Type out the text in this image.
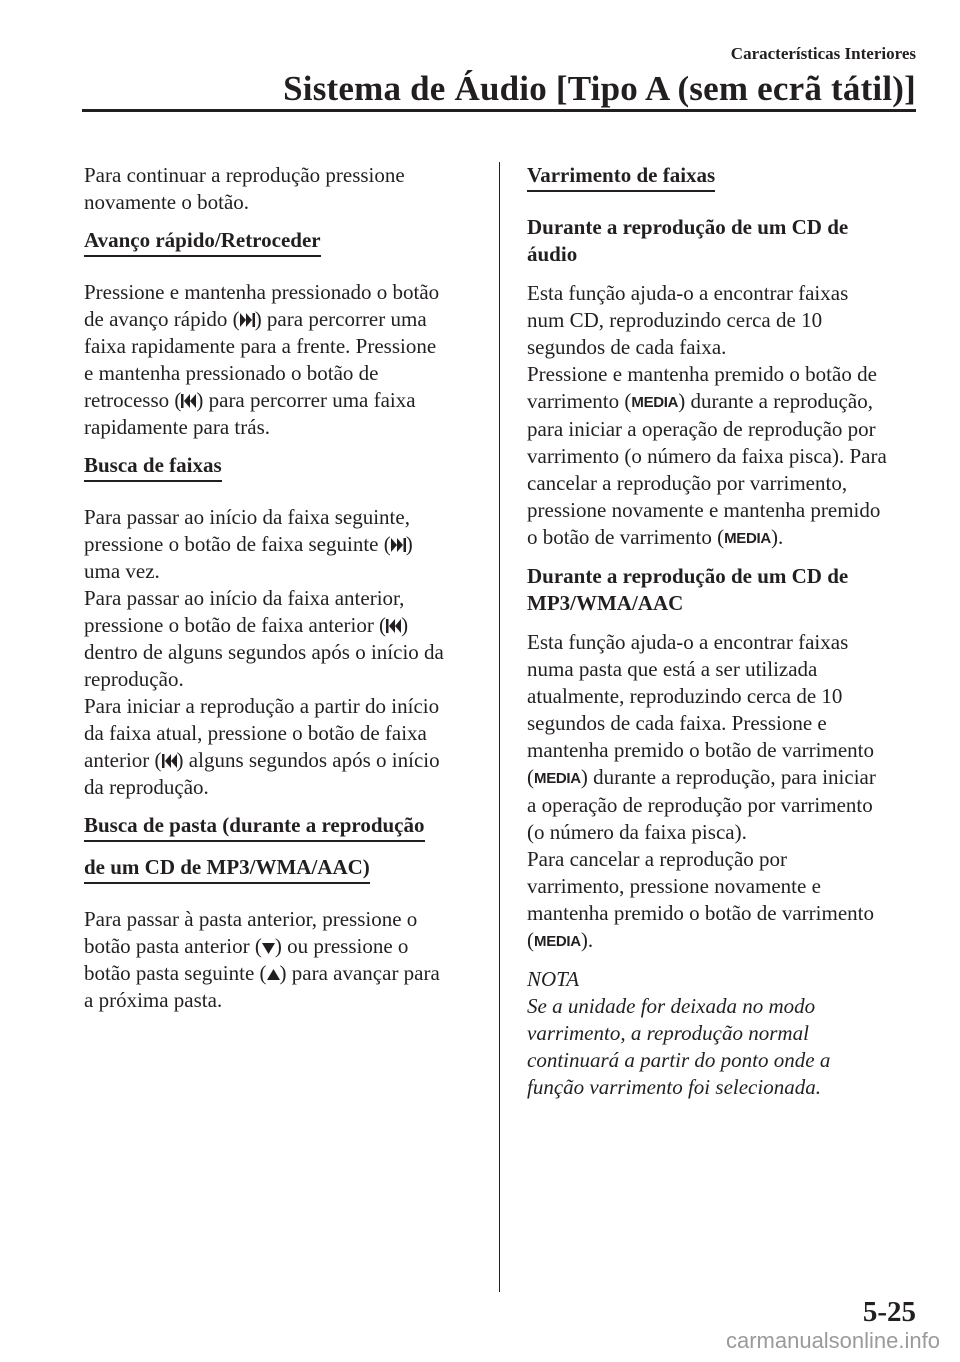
Características Interiores
Sistema de Áudio [Tipo A (sem ecrã tátil)]

Para continuar a reprodução pressione
novamente o botão.

Avanço rápido/Retroceder

Pressione e mantenha pressionado o botão
de avanço rápido ( ) para percorrer uma
faixa rapidamente para a frente. Pressione
e mantenha pressionado o botão de
retrocesso ( ) para percorrer uma faixa
rapidamente para trás.

Busca de faixas

Para passar ao início da faixa seguinte,
pressione o botão de faixa seguinte ( )
uma vez.
Para passar ao início da faixa anterior,
pressione o botão de faixa anterior ( )
dentro de alguns segundos após o início da
reprodução.
Para iniciar a reprodução a partir do início
da faixa atual, pressione o botão de faixa
anterior ( ) alguns segundos após o início
da reprodução.

Busca de pasta (durante a reprodução
de um CD de MP3/WMA/AAC)

Para passar à pasta anterior, pressione o
botão pasta anterior ( ) ou pressione o
botão pasta seguinte ( ) para avançar para
a próxima pasta.

Varrimento de faixas

Durante a reprodução de um CD de
áudio

Esta função ajuda-o a encontrar faixas
num CD, reproduzindo cerca de 10
segundos de cada faixa.
Pressione e mantenha premido o botão de
varrimento (MEDIA) durante a reprodução,
para iniciar a operação de reprodução por
varrimento (o número da faixa pisca). Para
cancelar a reprodução por varrimento,
pressione novamente e mantenha premido
o botão de varrimento (MEDIA).

Durante a reprodução de um CD de
MP3/WMA/AAC

Esta função ajuda-o a encontrar faixas
numa pasta que está a ser utilizada
atualmente, reproduzindo cerca de 10
segundos de cada faixa. Pressione e
mantenha premido o botão de varrimento
(MEDIA) durante a reprodução, para iniciar
a operação de reprodução por varrimento
(o número da faixa pisca).
Para cancelar a reprodução por
varrimento, pressione novamente e
mantenha premido o botão de varrimento
(MEDIA).

NOTA

Se a unidade for deixada no modo
varrimento, a reprodução normal
continuará a partir do ponto onde a
função varrimento foi selecionada.

5-25
carmanualsonline.info
